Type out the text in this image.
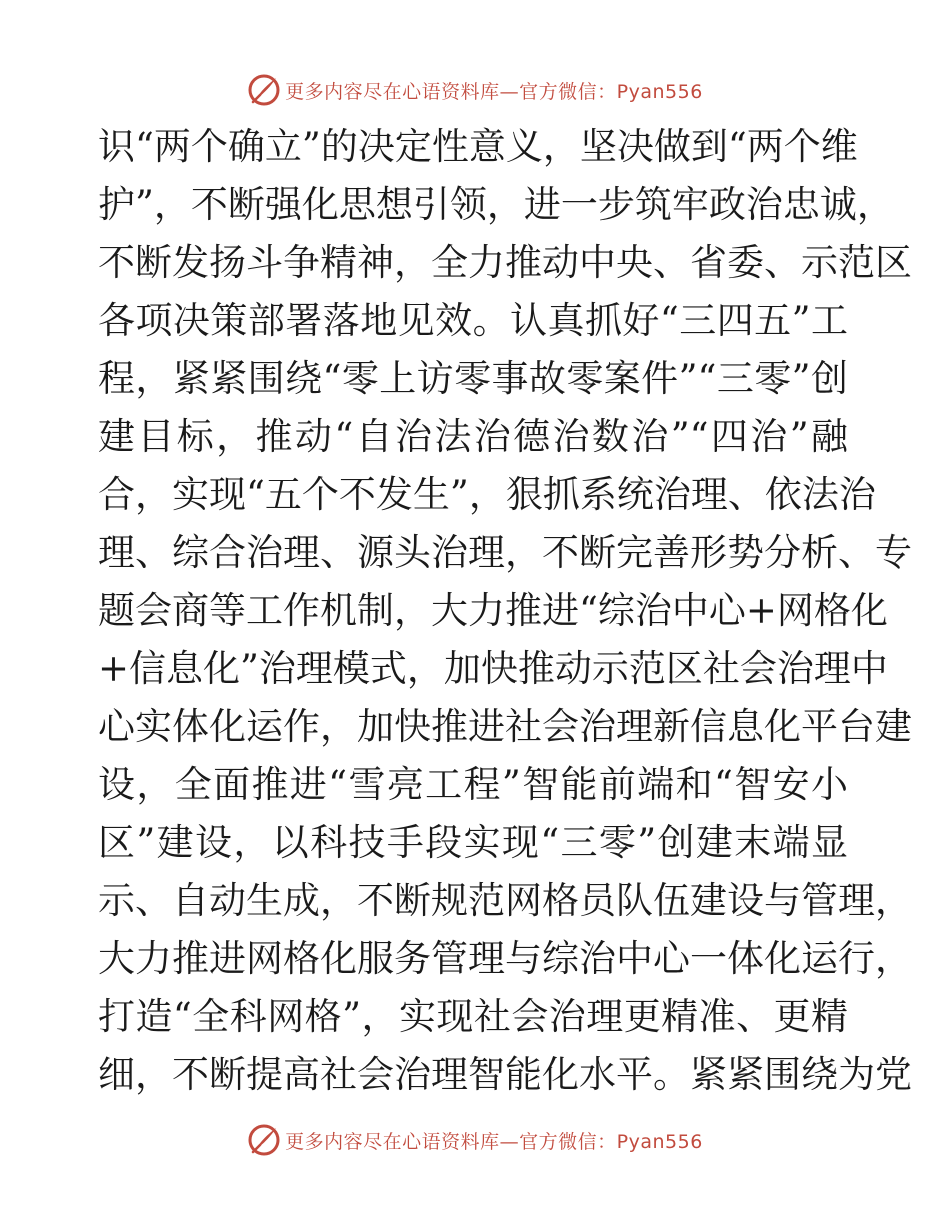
更多内容尽在心语资料库—官方微信：Pyan556
识“两个确立”的决定性意义，坚决做到“两个维
护”，不断强化思想引领，进一步筑牢政治忠诚，
不断发扬斗争精神，全力推动中央、省委、示范区
各项决策部署落地见效。认真抓好“三四五”工
程，紧紧围绕“零上访零事故零案件”“三零”创
建目标，推动“自治法治德治数治”“四治”融
合，实现“五个不发生”，狠抓系统治理、依法治
理、综合治理、源头治理，不断完善形势分析、专
题会商等工作机制，大力推进“综治中心+网格化
+信息化”治理模式，加快推动示范区社会治理中
心实体化运作，加快推进社会治理新信息化平台建
设，全面推进“雪亮工程”智能前端和“智安小
区”建设，以科技手段实现“三零”创建末端显
示、自动生成，不断规范网格员队伍建设与管理，
大力推进网格化服务管理与综治中心一体化运行，
打造“全科网格”，实现社会治理更精准、更精
细，不断提高社会治理智能化水平。紧紧围绕为党
更多内容尽在心语资料库—官方微信：Pyan556
